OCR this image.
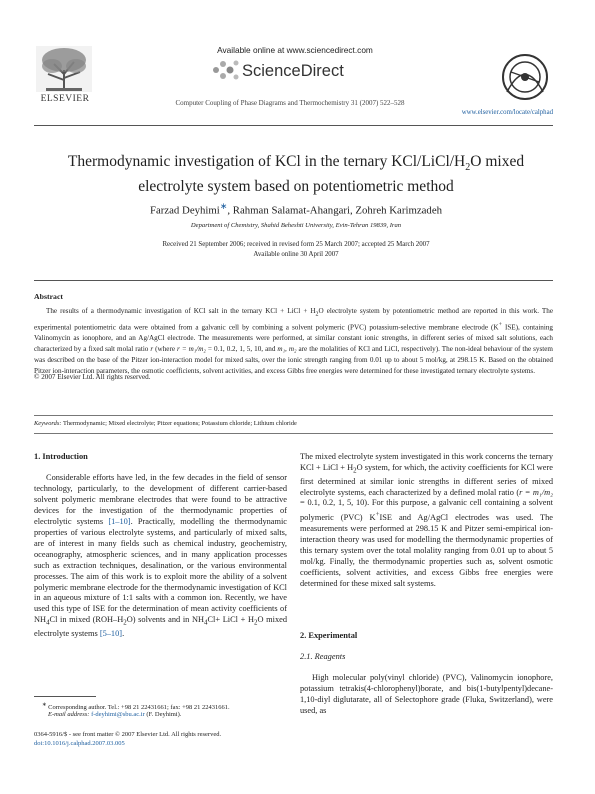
ELSEVIER
Available online at www.sciencedirect.com
ScienceDirect
Computer Coupling of Phase Diagrams and Thermochemistry 31 (2007) 522–528
www.elsevier.com/locate/calphad
Thermodynamic investigation of KCl in the ternary KCl/$LiCl/H_2O$ mixed
electrolyte system based on potentiometric method
Farzad Deyhimi∗, Rahman Salamat-Ahangari, Zohreh Karimzadeh
Department of Chemistry, Shahid Beheshti University, Evin-Tehran 19839, Iran
Received 21 September 2006; received in revised form 25 March 2007; accepted 25 March 2007
Available online 30 April 2007
Abstract
The results of a thermodynamic investigation of KCl salt in the ternary KCl + LiCl + $H_2O$ electrolyte system by potentiometric method are reported in this work. The experimental potentiometric data were obtained from a galvanic cell by combining a solvent polymeric (PVC) potassium-selective membrane electrode (K+ ISE), containing Valinomycin as ionophore, and an Ag/AgCl electrode. The measurements were performed, at similar constant ionic strengths, in different series of mixed salt solutions, each characterized by a fixed salt molal ratio r (where r = m₁/m₂ = 0.1, 0.2, 1, 5, 10, and m₁, m₂ are the molalities of KCl and LiCl, respectively). The non-ideal behaviour of the system was described on the base of the Pitzer ion-interaction model for mixed salts, over the ionic strength ranging from 0.01 up to about 5 mol/kg, at 298.15 K. Based on the obtained Pitzer ion-interaction parameters, the osmotic coefficients, solvent activities, and excess Gibbs free energies were determined for these investigated ternary electrolyte systems.
© 2007 Elsevier Ltd. All rights reserved.
Keywords: Thermodynamic; Mixed electrolyte; Pitzer equations; Potassium chloride; Lithium chloride
1. Introduction
Considerable efforts have led, in the few decades in the field of sensor technology, particularly, to the development of different carrier-based solvent polymeric membrane electrodes that were found to be attractive devices for the investigation of the thermodynamic properties of electrolytic systems [1–10]. Practically, modelling the thermodynamic properties of various electrolyte systems, and particularly of mixed salts, are of interest in many fields such as chemical industry, geochemistry, oceanography, atmospheric sciences, and in many application processes such as extraction techniques, desalination, or the various environmental processes. The aim of this work is to exploit more the ability of a solvent polymeric membrane electrode for the thermodynamic investigation of KCl in an aqueous mixture of 1:1 salts with a common ion. Recently, we have used this type of ISE for the determination of mean activity coefficients of $NH_4Cl$ in mixed $(ROH-H_2O)$ solvents and in $NH_4Cl+$ LiCl + $H_2O$ mixed electrolyte systems [5–10].
The mixed electrolyte system investigated in this work concerns the ternary KCl + LiCl + $H_2O$ system, for which, the activity coefficients for KCl were first determined at similar ionic strengths in different series of mixed electrolyte systems, each characterized by a defined molal ratio (r = m₁/m₂ = 0.1, 0.2, 1, 5, 10). For this purpose, a galvanic cell containing a solvent polymeric (PVC) K+ISE and Ag/AgCl electrodes was used. The measurements were performed at 298.15 K and Pitzer semi-empirical ion-interaction theory was used for modelling the thermodynamic properties of this ternary system over the total molality ranging from 0.01 up to about 5 mol/kg. Finally, the thermodynamic properties such as, solvent osmotic coefficients, solvent activities, and excess Gibbs free energies were determined for these mixed salt systems.
2. Experimental
2.1. Reagents
High molecular poly(vinyl chloride) (PVC), Valinomycin ionophore, potassium tetrakis(4-chlorophenyl)borate, and bis(1-butylpentyl)decane-1,10-diyl diglutarate, all of Selectophore grade (Fluka, Switzerland), were used, as
∗ Corresponding author. Tel.: +98 21 22431661; fax: +98 21 22431661.
E-mail address: f-deyhimi@sbu.ac.ir (F. Deyhimi).
0364-5916/$ - see front matter © 2007 Elsevier Ltd. All rights reserved.
doi:10.1016/j.calphad.2007.03.005
